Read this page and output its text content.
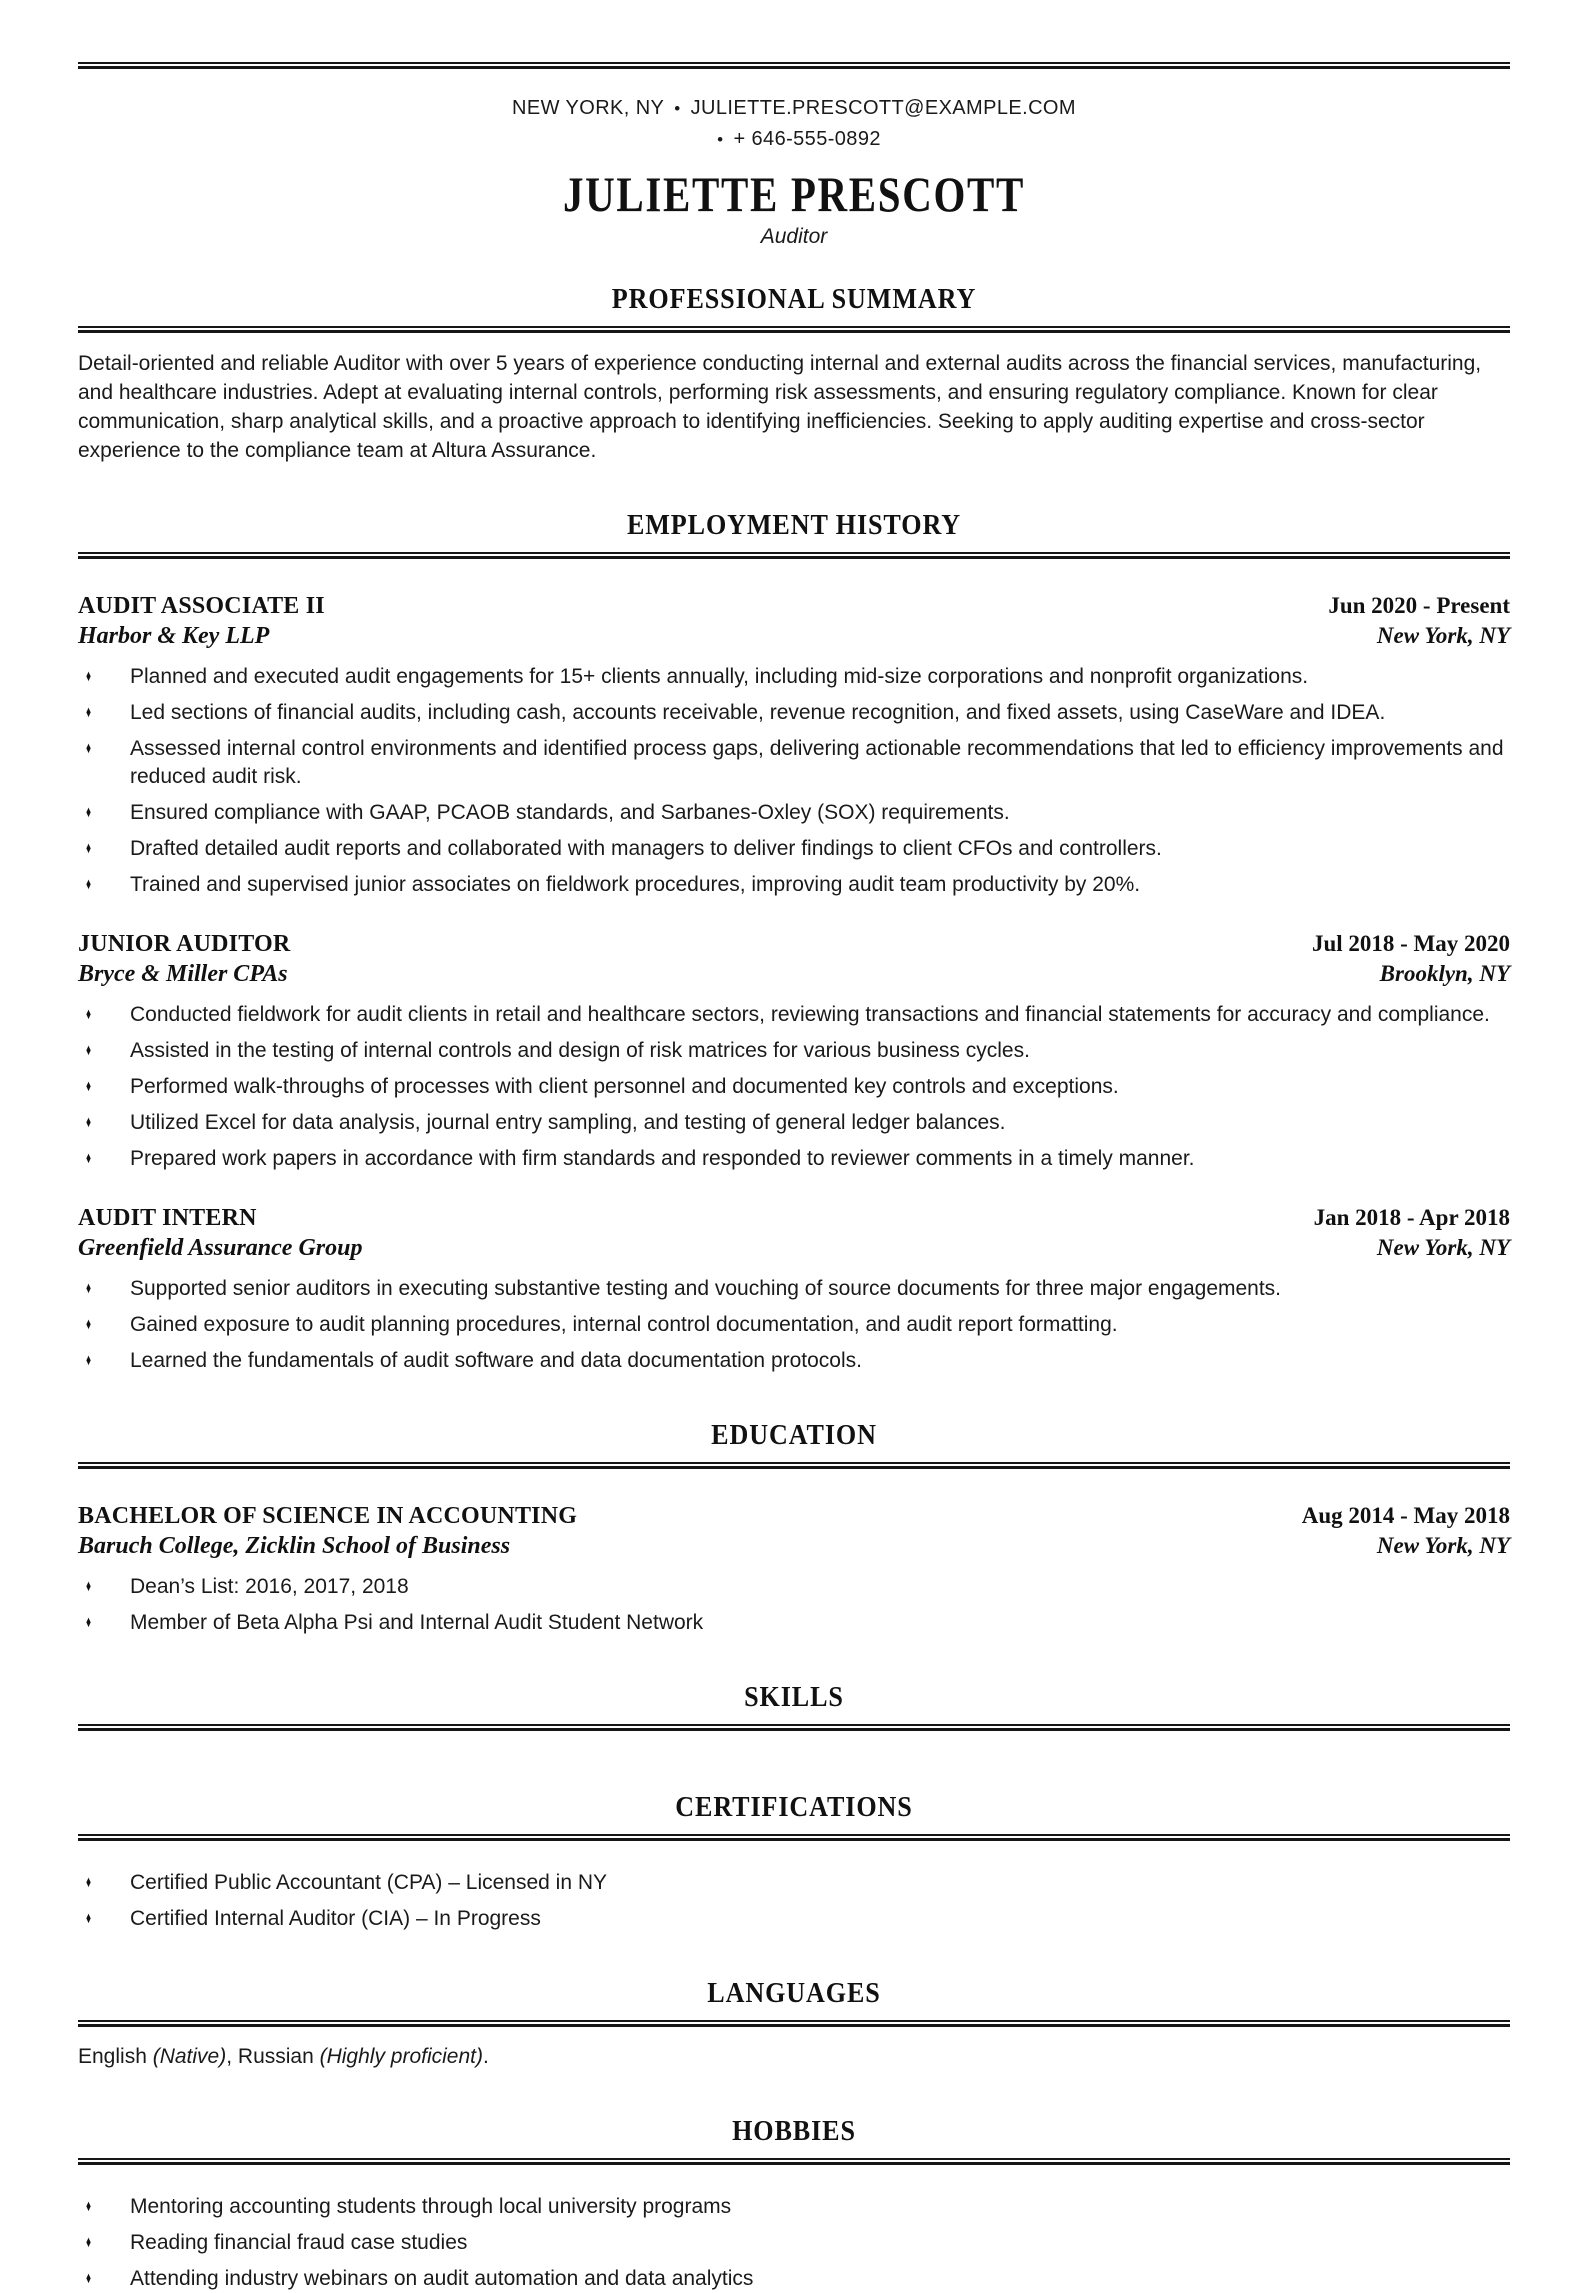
NEW YORK, NY • JULIETTE.PRESCOTT@EXAMPLE.COM
• + 646-555-0892
JULIETTE PRESCOTT
Auditor
PROFESSIONAL SUMMARY

Detail-oriented and reliable Auditor with over 5 years of experience conducting internal and external audits across the financial services, manufacturing, and healthcare industries. Adept at evaluating internal controls, performing risk assessments, and ensuring regulatory compliance. Known for clear communication, sharp analytical skills, and a proactive approach to identifying inefficiencies. Seeking to apply auditing expertise and cross-sector experience to the compliance team at Altura Assurance.

EMPLOYMENT HISTORY
AUDIT ASSOCIATE II
Harbor & Key LLP
Jun 2020 - Present
New York, NY
♦ Planned and executed audit engagements for 15+ clients annually, including mid-size corporations and nonprofit organizations.
♦ Led sections of financial audits, including cash, accounts receivable, revenue recognition, and fixed assets, using CaseWare and IDEA.
♦ Assessed internal control environments and identified process gaps, delivering actionable recommendations that led to efficiency improvements and reduced audit risk.
♦ Ensured compliance with GAAP, PCAOB standards, and Sarbanes-Oxley (SOX) requirements.
♦ Drafted detailed audit reports and collaborated with managers to deliver findings to client CFOs and controllers.
♦ Trained and supervised junior associates on fieldwork procedures, improving audit team productivity by 20%.
JUNIOR AUDITOR
Bryce & Miller CPAs
Jul 2018 - May 2020
Brooklyn, NY
♦ Conducted fieldwork for audit clients in retail and healthcare sectors, reviewing transactions and financial statements for accuracy and compliance.
♦ Assisted in the testing of internal controls and design of risk matrices for various business cycles.
♦ Performed walk-throughs of processes with client personnel and documented key controls and exceptions.
♦ Utilized Excel for data analysis, journal entry sampling, and testing of general ledger balances.
♦ Prepared work papers in accordance with firm standards and responded to reviewer comments in a timely manner.
AUDIT INTERN
Greenfield Assurance Group
Jan 2018 - Apr 2018
New York, NY
♦ Supported senior auditors in executing substantive testing and vouching of source documents for three major engagements.
♦ Gained exposure to audit planning procedures, internal control documentation, and audit report formatting.
♦ Learned the fundamentals of audit software and data documentation protocols.
EDUCATION
BACHELOR OF SCIENCE IN ACCOUNTING
Baruch College, Zicklin School of Business
Aug 2014 - May 2018
New York, NY
♦ Dean’s List: 2016, 2017, 2018
♦ Member of Beta Alpha Psi and Internal Audit Student Network
SKILLS
CERTIFICATIONS
♦ Certified Public Accountant (CPA) – Licensed in NY
♦ Certified Internal Auditor (CIA) – In Progress
LANGUAGES
English (Native), Russian (Highly proficient).
HOBBIES
♦ Mentoring accounting students through local university programs
♦ Reading financial fraud case studies
♦ Attending industry webinars on audit automation and data analytics
